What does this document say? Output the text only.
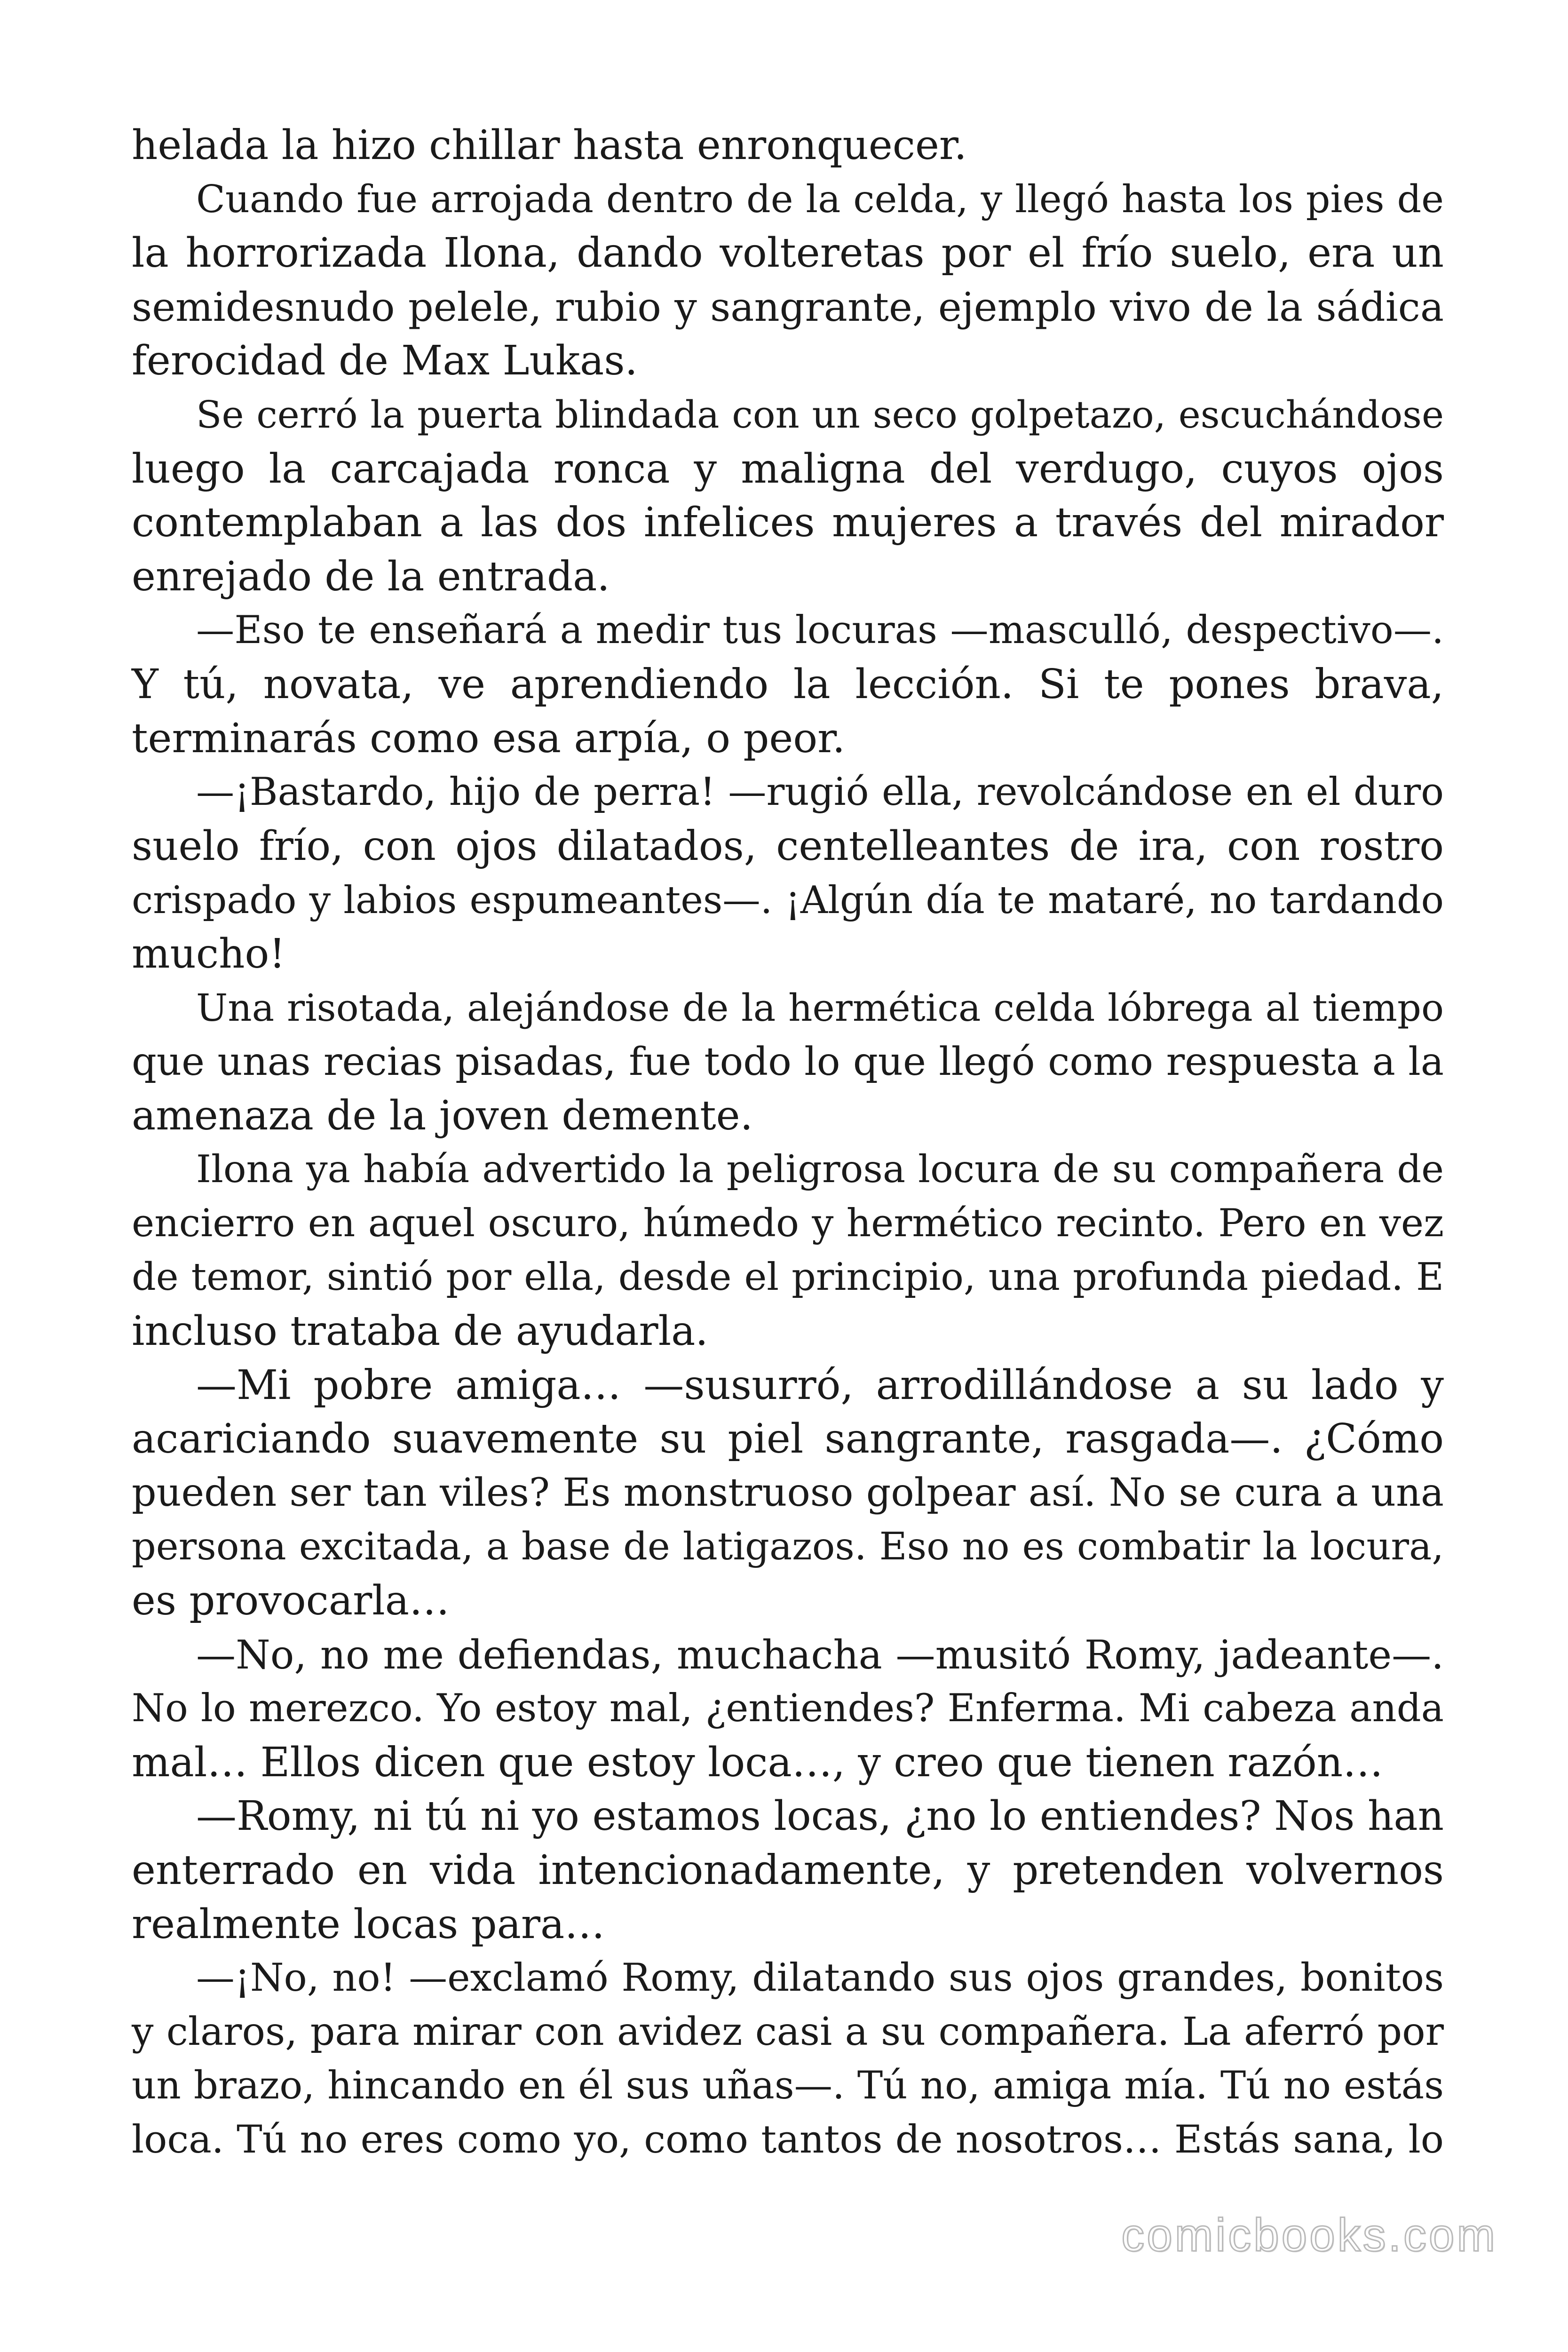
helada la hizo chillar hasta enronquecer.
Cuando fue arrojada dentro de la celda, y llegó hasta los pies de
la horrorizada Ilona, dando volteretas por el frío suelo, era un
semidesnudo pelele, rubio y sangrante, ejemplo vivo de la sádica
ferocidad de Max Lukas.
Se cerró la puerta blindada con un seco golpetazo, escuchándose
luego la carcajada ronca y maligna del verdugo, cuyos ojos
contemplaban a las dos infelices mujeres a través del mirador
enrejado de la entrada.
—Eso te enseñará a medir tus locuras —masculló, despectivo—.
Y tú, novata, ve aprendiendo la lección. Si te pones brava,
terminarás como esa arpía, o peor.
—¡Bastardo, hijo de perra! —rugió ella, revolcándose en el duro
suelo frío, con ojos dilatados, centelleantes de ira, con rostro
crispado y labios espumeantes—. ¡Algún día te mataré, no tardando
mucho!
Una risotada, alejándose de la hermética celda lóbrega al tiempo
que unas recias pisadas, fue todo lo que llegó como respuesta a la
amenaza de la joven demente.
Ilona ya había advertido la peligrosa locura de su compañera de
encierro en aquel oscuro, húmedo y hermético recinto. Pero en vez
de temor, sintió por ella, desde el principio, una profunda piedad. E
incluso trataba de ayudarla.
—Mi pobre amiga… —susurró, arrodillándose a su lado y
acariciando suavemente su piel sangrante, rasgada—. ¿Cómo
pueden ser tan viles? Es monstruoso golpear así. No se cura a una
persona excitada, a base de latigazos. Eso no es combatir la locura,
es provocarla…
—No, no me defiendas, muchacha —musitó Romy, jadeante—.
No lo merezco. Yo estoy mal, ¿entiendes? Enferma. Mi cabeza anda
mal… Ellos dicen que estoy loca…, y creo que tienen razón…
—Romy, ni tú ni yo estamos locas, ¿no lo entiendes? Nos han
enterrado en vida intencionadamente, y pretenden volvernos
realmente locas para…
—¡No, no! —exclamó Romy, dilatando sus ojos grandes, bonitos
y claros, para mirar con avidez casi a su compañera. La aferró por
un brazo, hincando en él sus uñas—. Tú no, amiga mía. Tú no estás
loca. Tú no eres como yo, como tantos de nosotros… Estás sana, lo
comicbooks.com
